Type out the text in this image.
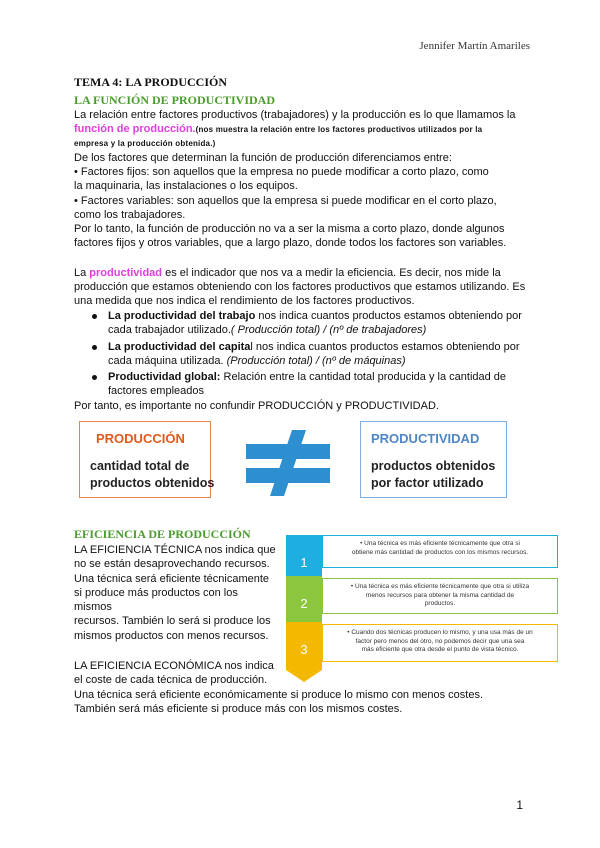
Jennifer Martín Amariles
TEMA 4: LA PRODUCCIÓN
LA FUNCIÓN DE PRODUCTIVIDAD
La relación entre factores productivos (trabajadores) y la producción es lo que llamamos la
función de producción.(nos muestra la relación entre los factores productivos utilizados por la
empresa y la producción obtenida.)
De los factores que determinan la función de producción diferenciamos entre:
• Factores fijos: son aquellos que la empresa no puede modificar a corto plazo, como
la maquinaria, las instalaciones o los equipos.
• Factores variables: son aquellos que la empresa si puede modificar en el corto plazo,
como los trabajadores.
Por lo tanto, la función de producción no va a ser la misma a corto plazo, donde algunos
factores fijos y otros variables, que a largo plazo, donde todos los factores son variables.
La productividad es el indicador que nos va a medir la eficiencia. Es decir, nos mide la
producción que estamos obteniendo con los factores productivos que estamos utilizando. Es
una medida que nos indica el rendimiento de los factores productivos.
La productividad del trabajo nos indica cuantos productos estamos obteniendo por
cada trabajador utilizado.( Producción total) / (nº de trabajadores)
La productividad del capital nos indica cuantos productos estamos obteniendo por
cada máquina utilizada. (Producción total) / (nº de máquinas)
Productividad global: Relación entre la cantidad total producida y la cantidad de
factores empleados
Por tanto, es importante no confundir PRODUCCIÓN y PRODUCTIVIDAD.
PRODUCCIÓN
cantidad total de
productos obtenidos
PRODUCTIVIDAD
productos obtenidos
por factor utilizado
EFICIENCIA DE PRODUCCIÓN
LA EFICIENCIA TÉCNICA nos indica que
no se están desaprovechando recursos.
Una técnica será eficiente técnicamente
si produce más productos con los
mismos
recursos. También lo será si produce los
mismos productos con menos recursos.
LA EFICIENCIA ECONÓMICA nos indica
el coste de cada técnica de producción.
Una técnica será eficiente económicamente si produce lo mismo con menos costes.
También será más eficiente si produce más con los mismos costes.
1
• Una técnica es más eficiente técnicamente que otra si
obtiene más cantidad de productos con los mismos recursos.
2
• Una técnica es más eficiente técnicamente que otra si utiliza
menos recursos para obtener la misma cantidad de
productos.
3
• Cuando dos técnicas producen lo mismo, y una usa más de un
factor pero menos del otro, no podemos decir que una sea
más eficiente que otra desde el punto de vista técnico.
1
